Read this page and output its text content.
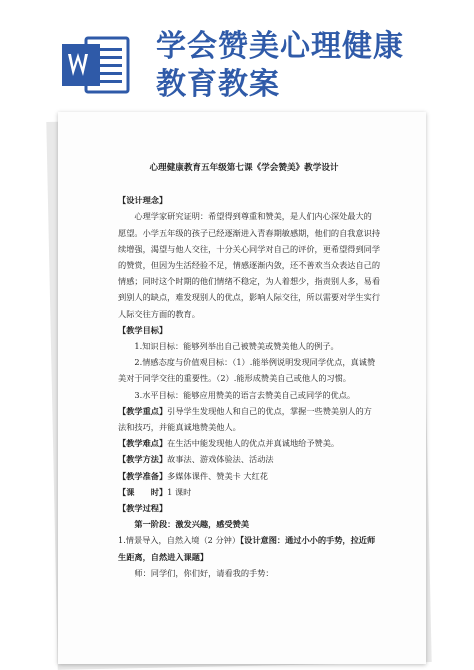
学会赞美心理健康
教育教案

心理健康教育五年级第七课《学会赞美》教学设计

【设计理念】

心理学家研究证明：希望得到尊重和赞美，是人们内心深处最大的愿望。小学五年级的孩子已经逐渐进入青春期敏感期，他们的自我意识持续增强，渴望与他人交往，十分关心同学对自己的评价，更希望得到同学的赞赏，但因为生活经验不足，情感逐渐内敛，还不善欢当众表达自己的情感；同时这个时期的他们情绪不稳定，为人着想少，指责别人多，易看到别人的缺点，难发现别人的优点，影响人际交往，所以需要对学生实行人际交往方面的教育。

【教学目标】

1.知识目标：能够列举出自己被赞美或赞美他人的例子。

2.情感态度与价值观目标：（1）.能举例说明发现同学优点，真诚赞美对于同学交往的重要性。（2）.能形成赞美自己或他人的习惯。

3.水平目标：能够应用赞美的语言去赞美自己或同学的优点。

【教学重点】引导学生发现他人和自己的优点，掌握一些赞美别人的方法和技巧，并能真诚地赞美他人。

【教学难点】在生活中能发现他人的优点并真诚地给予赞美。

【教学方法】故事法、游戏体验法、活动法

【教学准备】多媒体课件、赞美卡 大红花

【课　　时】1 课时

【教学过程】

第一阶段：激发兴趣，感受赞美

1.情景导入，自然入境（2 分钟）【设计意图：通过小小的手势，拉近师生距离，自然进入课题】

师：同学们，你们好，请看我的手势：
